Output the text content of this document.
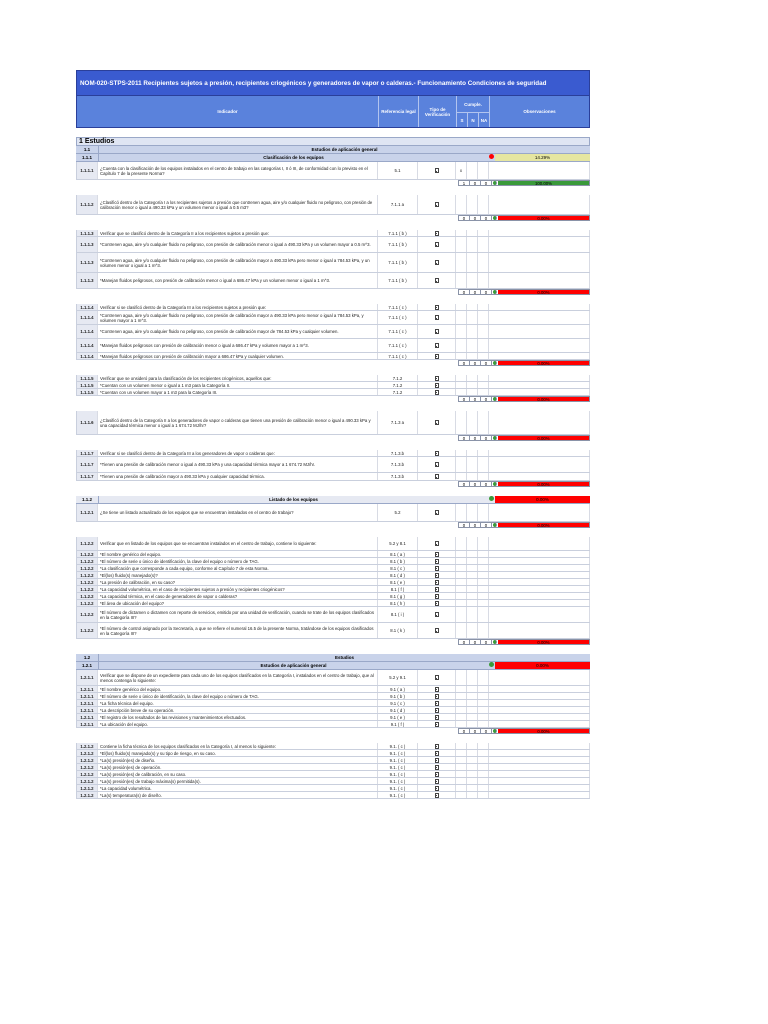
NOM-020-STPS-2011 Recipientes sujetos a presión, recipientes criogénicos y generadores de vapor o calderas.- Funcionamiento Condiciones de seguridad
Indicador	Referencia legal	Tipo de Verificación
Cumple.
S	N	NA
Observaciones
1 Estudios
1.1	Estudios de aplicación general
1.1.1	Clasificación de los equipos	14.29%
1.1.1.1	¿Cuenta con la clasificación de los equipos instalados en el centro de trabajo en las categorías I, II ó III, de conformidad con lo previsto en el Capítulo 7 de la presente Norma?	5.1	x
1	0	0	100.00%
1.1.1.2	¿Clasificó dentro de la Categoría I a los recipientes sujetos a presión que contrenen agua, aire y/o cualquier fluido no peligroso, con presión de calibración menor o igual a 490.33 kPa y un volumen menor o igual a 0.5 m3?	7.1.1 a
0	0	0	0.00%
1.1.1.3	Verificar que se clasificó dentro de la Categoría II a los recipientes sujetos a presión que:	7.1.1 ( b )
1.1.1.3	*Contrenen agua, aire y/o cualquier fluido no peligroso, con presión de calibración menor o igual a 490.33 kPa y un volumen mayor a 0.5 m^3.	7.1.1 ( b )
1.1.1.3	*Contrenen agua, aire y/o cualquier fluido no peligroso, con presión de calibración mayor a 490.33 kPa pero menor o igual a 784.53 kPa, y un volumen menor o igual a 1 m^3.	7.1.1 ( b )
1.1.1.3	*Manejan fluidos peligrosos, con presión de calibración menor o igual a 686.47 kPa y un volumen menor o igual a 1 m^3.	7.1.1 ( b )
0	0	0	0.00%
1.1.1.4	Verificar si se clasificó dentro de la Categoría III a los recipientes sujetos a presión que:	7.1.1 ( c )
1.1.1.4	*Contrenen agua, aire y/o cualquier fluido no peligroso, con presión de calibración mayor a 490.33 kPa pero menor o igual a 784.53 kPa, y volumen mayor a 1 m^3.	7.1.1 ( c )
1.1.1.4	*Contrenen agua, aire y/o cualquier fluido no peligroso, con presión de calibración mayor de 784.53 kPa y cualquier volumen.	7.1.1 ( c )
1.1.1.4	*Manejan fluidos peligrosos con presión de calibración menor o igual a 686.47 kPa y volumen mayor a 1 m^3.	7.1.1 ( c )
1.1.1.4	*Manejan fluidos peligrosos con presión de calibración mayor a 686.47 kPa y cualquier volumen.	7.1.1 ( c )
0	0	0	0.00%
1.1.1.5	Verificar que se onsideró para la clasificación de los recipientes criogénicos, aquellos que:	7.1.2
1.1.1.5	*Cuentan con un volumen menor o igual a 1 m3 para la Categoría II.	7.1.2
1.1.1.5	*Cuentan con un volumen mayor a 1 m3 para la Categoría III.	7.1.2
0	0	0	0.00%
1.1.1.6	¿Clasificó dentro de la Categoría II a los generadores de vapor o calderas que tienen una presión de calibración menor o igual a 490.33 kPa y una capacidad térmica menor o igual a 1 674.72 MJ/hr?	7.1.3 a
0	0	0	0.00%
1.1.1.7	Verificar si se clasificó dentro de la Categoría III a los generadores de vapor o calderas que:	7.1.3.b
1.1.1.7	*Tienen una presión de calibración menor o igual a 490.33 kPa y una capacidad térmica mayor a 1 674.72 MJ/hr.	7.1.3.b
1.1.1.7	*Tienen una presión de calibración mayor a 490.33 kPa y cualquier capacidad térmica.	7.1.3.b
0	0	0	0.00%
1.1.2	Listado de los equipos	0.00%
1.1.2.1	¿Se tiene un listado actualizado de los equipos que se encuentran instalados en el centro de trabajo?	5.2
0	0	0	0.00%
1.1.2.2	Verificar que en listado de los equipos que se encuentran instalados en el centro de trabajo, contiene lo siguiente:	5.2 y 8.1
1.1.2.2	*El nombre genérico del equipo.	8.1 ( a )
1.1.2.2	*El número de serie o único de identificación, la clave del equipo o número de TAG.	8.1 ( b )
1.1.2.2	*La clasificación que corresponde a cada equipo, conforme al Capítulo 7 de esta Norma.	8.1 ( c )
1.1.2.2	*El(los) fluido(s) manejado(s)?	8.1 ( d )
1.1.2.2	*La presión de calibración, en su caso?	8.1 ( e )
1.1.2.2	*La capacidad volumétrica, en el caso de recipientes sujetos a presión y recipientes criogénicos?	8.1 ( f )
1.1.2.2	*La capacidad térmica, en el caso de generadores de vapor o calderas?	8.1 ( g )
1.1.2.2	*El área de ubicación del equipo?	8.1 ( h )
1.1.2.2	*El número de dictamen o dictamen con reporte de servicios, emitido por una unidad de verificación, cuando se trate de los equipos clasificados en la Categoría III?	8.1 ( i )
1.1.2.2	*El número de control asignado por la Secretaría, a que se refiere el numeral 16.5 de la presente Norma, tratándose de los equipos clasificados en la Categoría III?	8.1 ( k )
0	0	0	0.00%
1.2	Estudios
1.2.1	Estudios de aplicación general	0.00%
1.2.1.1	Verificar que se dispone de un expediente para cada uno de los equipos clasificados en la Categoría I, instalados en el centro de trabajo, que al menos contenga lo siguiente:	5.2 y 9.1
1.2.1.1	*El nombre genérico del equipo.	9.1 ( a )
1.2.1.1	*El número de serie o único de identificación, la clave del equipo o número de TAG.	9.1 ( b )
1.2.1.1	*La ficha técnica del equipo.	9.1 ( c )
1.2.1.1	*La descripción breve de su operación.	9.1 ( d )
1.2.1.1	*El registro de los resultados de las revisiones y mantenimientos efectuados.	9.1 ( e )
1.2.1.1	*La ubicación del equipo.	9.1 ( f )
0	0	0	0.00%
1.2.1.2	Contiene la ficha técnica de los equipos clasificados en la Categoría I, al menos lo siguiente:	9.1. ( c )
1.2.1.2	*El(los) fluido(s) manejado(s) y su tipo de riesgo, en su caso.	9.1. ( c )
1.2.1.2	*La(s) presión(es) de diseño.	9.1. ( c )
1.2.1.2	*La(s) presión(es) de operación.	9.1. ( c )
1.2.1.2	*La(s) presión(es) de calibración, en su caso.	9.1. ( c )
1.2.1.2	*La(s) presión(es) de trabajo máxima(s) permitida(s).	9.1. ( c )
1.2.1.2	*La capacidad volumétrica.	9.1. ( c )
1.2.1.2	*La(s) temperatura(s) de diseño.	9.1. ( c )
